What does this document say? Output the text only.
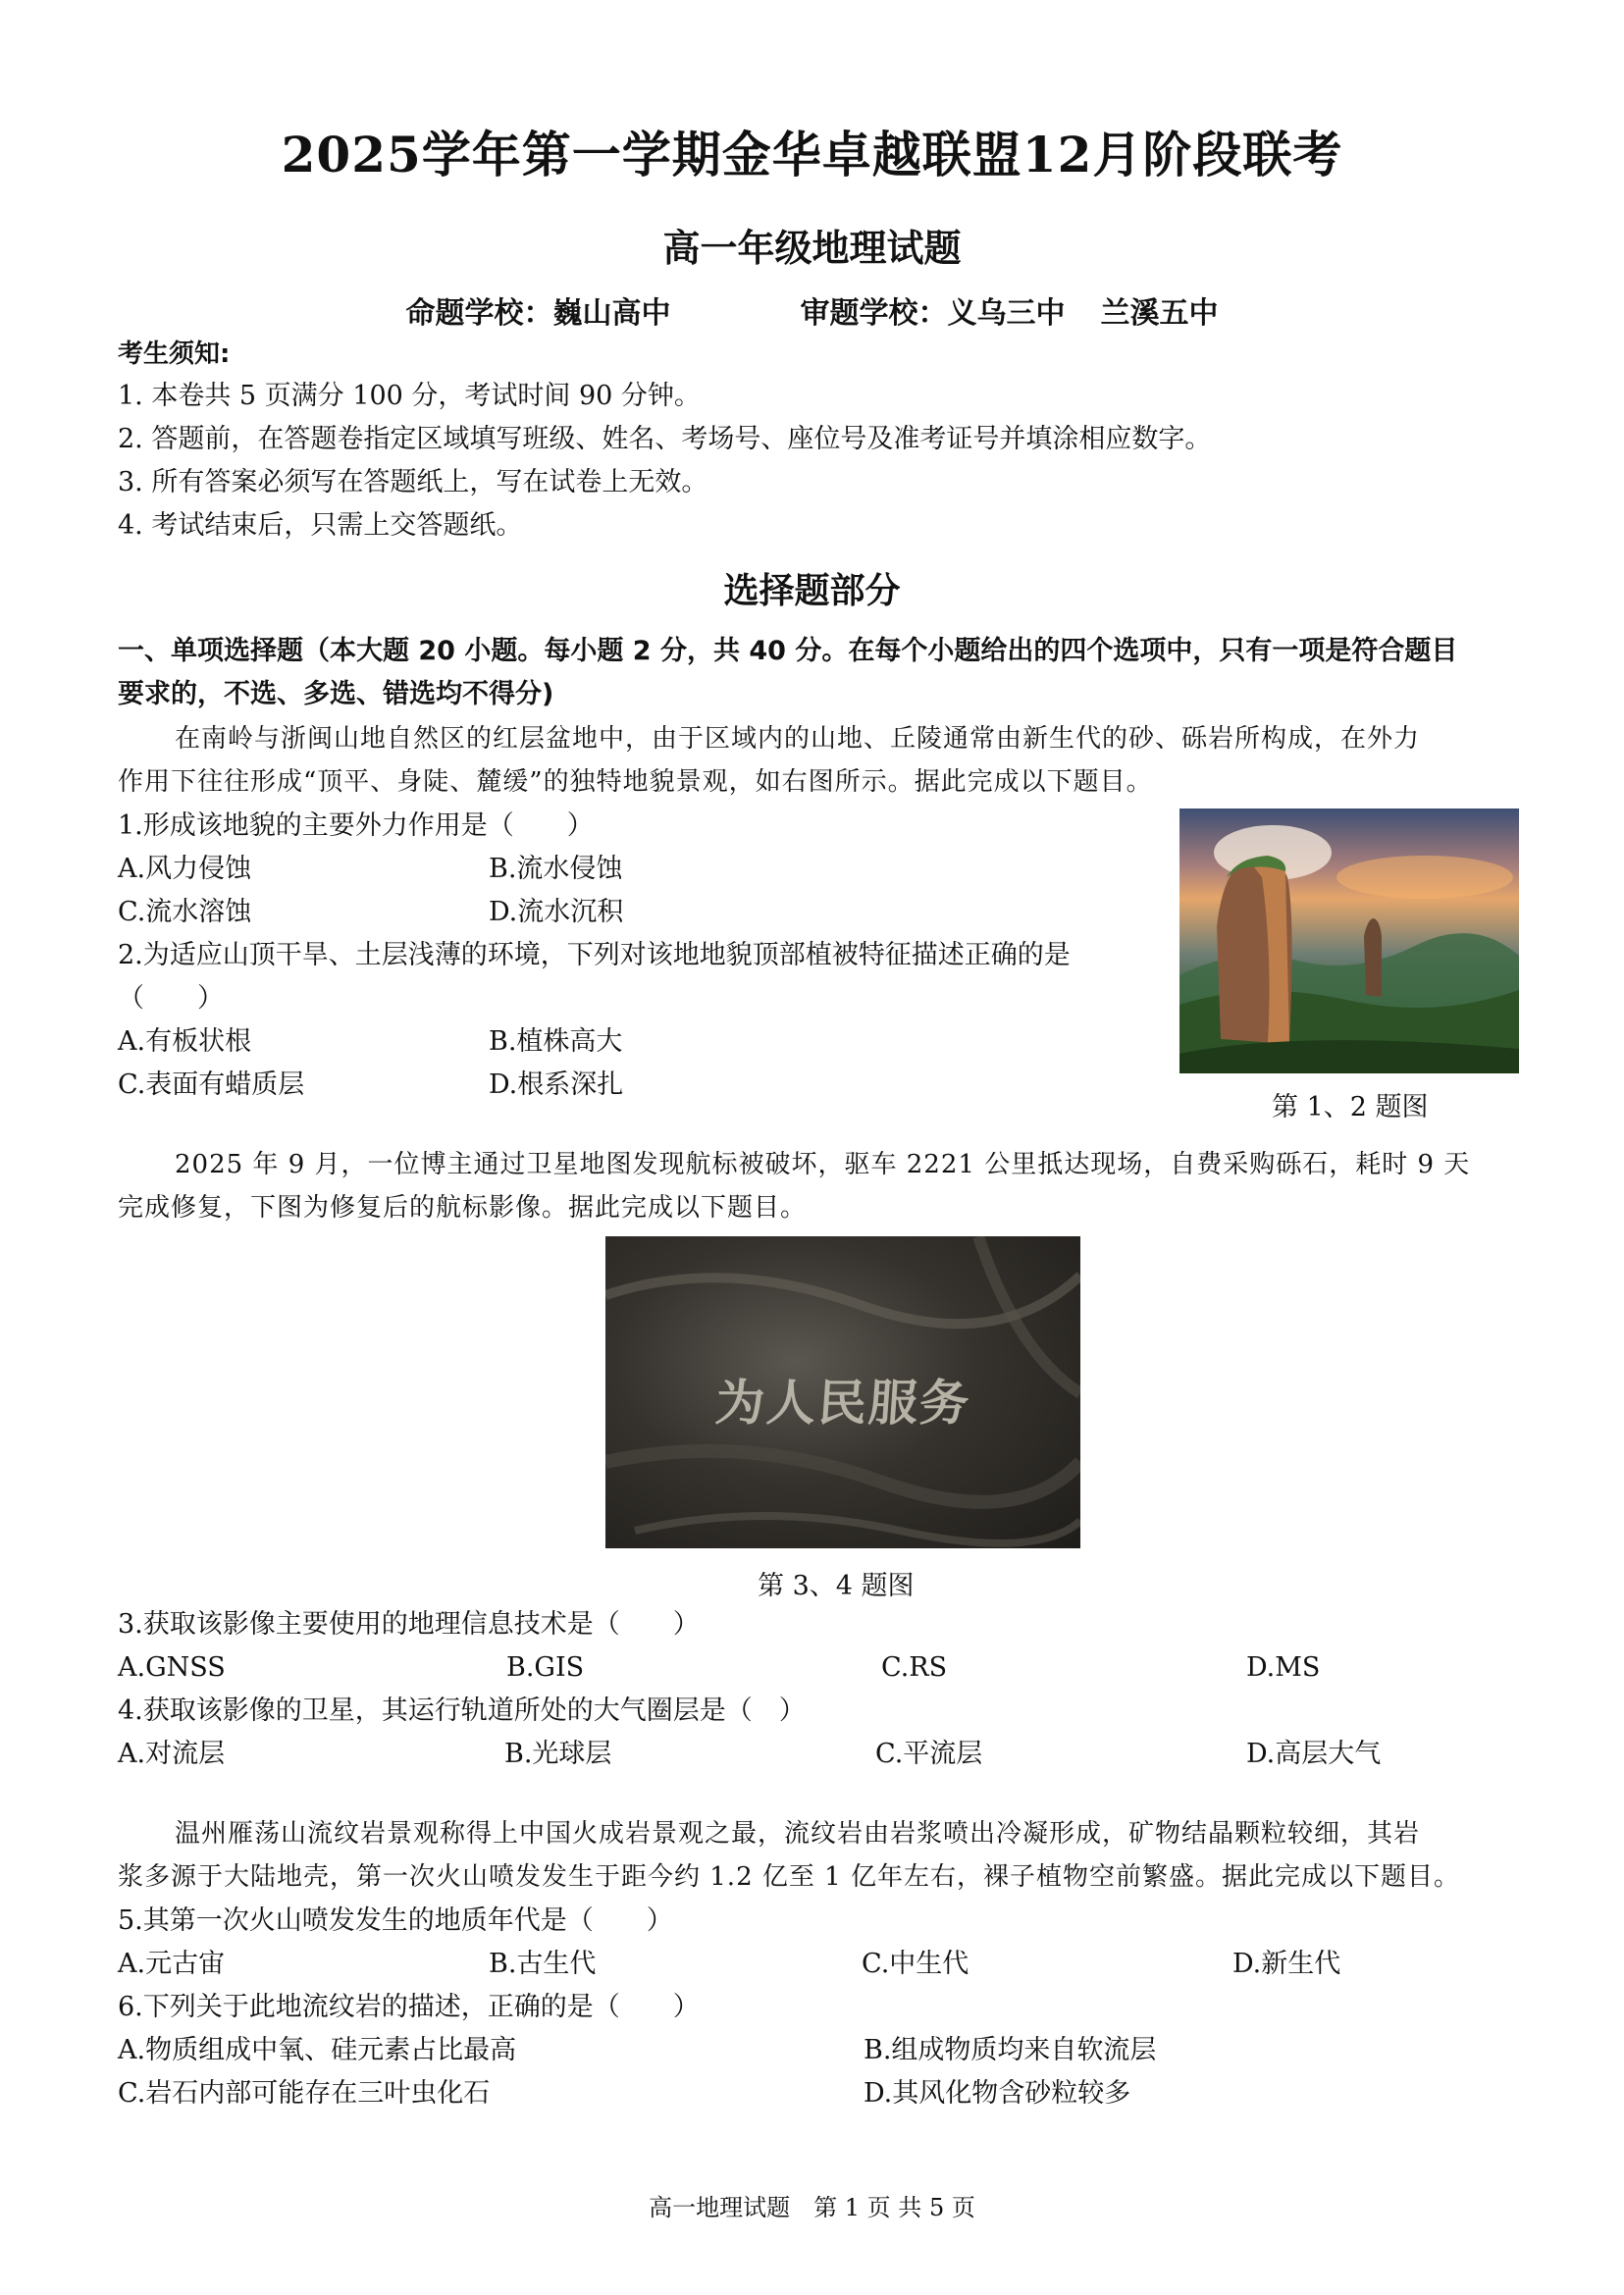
2025学年第一学期金华卓越联盟12月阶段联考
高一年级地理试题
命题学校：巍山高中	审题学校：义乌三中 兰溪五中
考生须知:
1. 本卷共 5 页满分 100 分，考试时间 90 分钟。
2. 答题前，在答题卷指定区域填写班级、姓名、考场号、座位号及准考证号并填涂相应数字。
3. 所有答案必须写在答题纸上，写在试卷上无效。
4. 考试结束后，只需上交答题纸。
选择题部分
一、单项选择题（本大题 20 小题。每小题 2 分，共 40 分。在每个小题给出的四个选项中，只有一项是符合题目
要求的，不选、多选、错选均不得分)
在南岭与浙闽山地自然区的红层盆地中，由于区域内的山地、丘陵通常由新生代的砂、砾岩所构成，在外力
作用下往往形成“顶平、身陡、麓缓”的独特地貌景观，如右图所示。据此完成以下题目。
1.形成该地貌的主要外力作用是（　　）
A.风力侵蚀	B.流水侵蚀
C.流水溶蚀	D.流水沉积
2.为适应山顶干旱、土层浅薄的环境，下列对该地地貌顶部植被特征描述正确的是
（　　）
A.有板状根	B.植株高大
C.表面有蜡质层	D.根系深扎
第 1、2 题图
2025 年 9 月，一位博主通过卫星地图发现航标被破坏，驱车 2221 公里抵达现场，自费采购砾石，耗时 9 天
完成修复，下图为修复后的航标影像。据此完成以下题目。
为人民服务
第 3、4 题图
3.获取该影像主要使用的地理信息技术是（　　）
A.GNSS	B.GIS	C.RS	D.MS
4.获取该影像的卫星，其运行轨道所处的大气圈层是（　）
A.对流层	B.光球层	C.平流层	D.高层大气
温州雁荡山流纹岩景观称得上中国火成岩景观之最，流纹岩由岩浆喷出冷凝形成，矿物结晶颗粒较细，其岩
浆多源于大陆地壳，第一次火山喷发发生于距今约 1.2 亿至 1 亿年左右，裸子植物空前繁盛。据此完成以下题目。
5.其第一次火山喷发发生的地质年代是（　　）
A.元古宙	B.古生代	C.中生代	D.新生代
6.下列关于此地流纹岩的描述，正确的是（　　）
A.物质组成中氧、硅元素占比最高	B.组成物质均来自软流层
C.岩石内部可能存在三叶虫化石	D.其风化物含砂粒较多
高一地理试题　第 1 页 共 5 页
